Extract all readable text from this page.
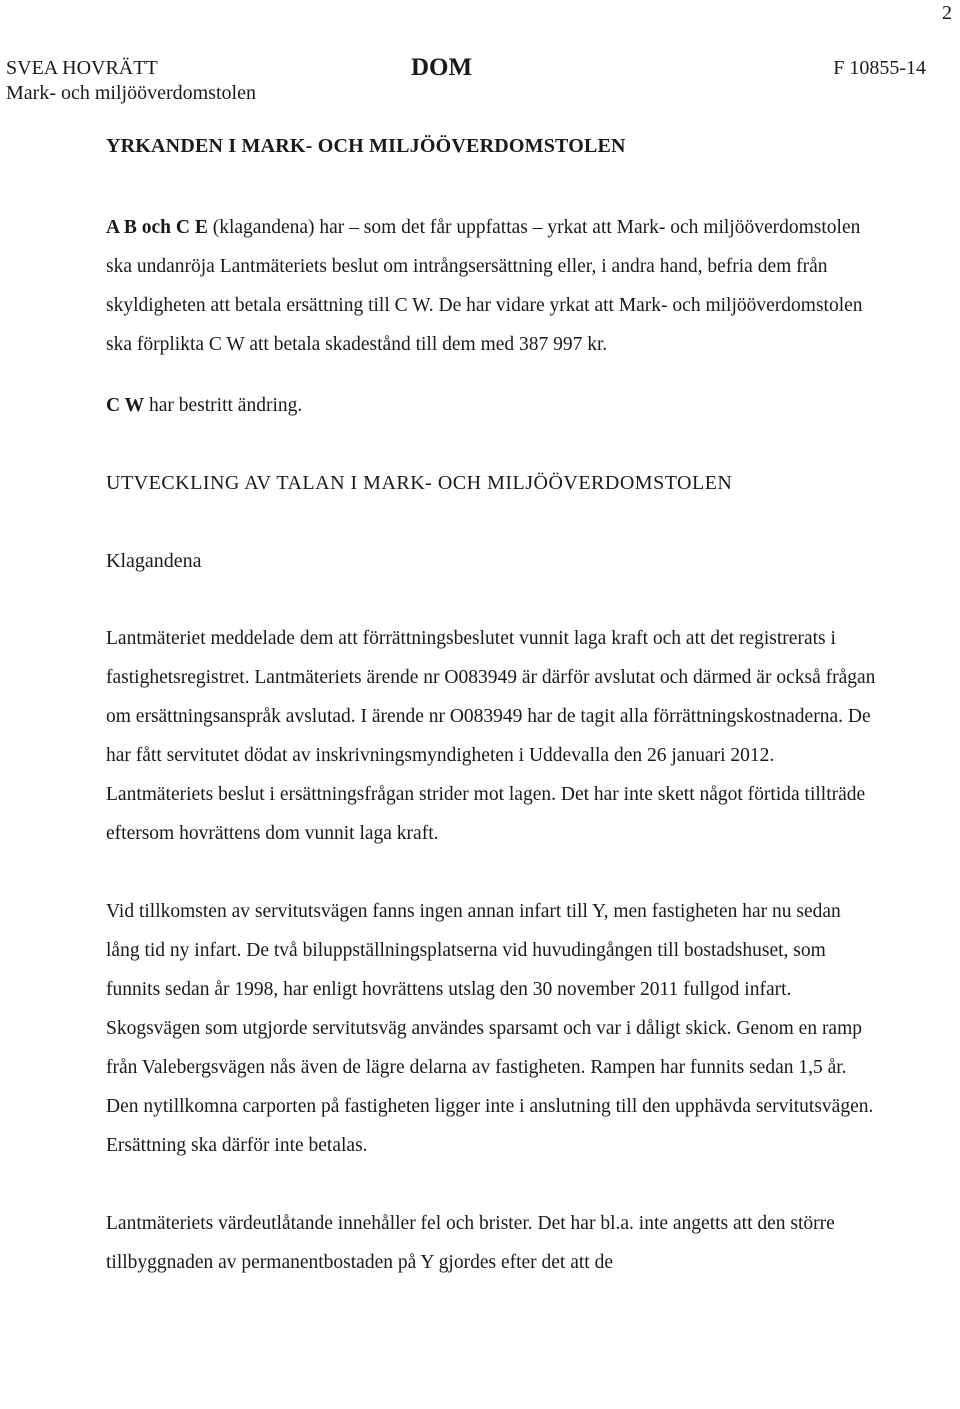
2
SVEA HOVRÄTT
Mark- och miljööverdomstolen
DOM	F 10855-14
YRKANDEN I MARK- OCH MILJÖÖVERDOMSTOLEN

A B och C E (klagandena) har – som det får uppfattas – yrkat att Mark- och miljööverdomstolen ska undanröja Lantmäteriets beslut om intrångsersättning eller, i andra hand, befria dem från skyldigheten att betala ersättning till C W. De har vidare yrkat att Mark- och miljööverdomstolen ska förplikta C W att betala skadestånd till dem med 387 997 kr.

C W har bestritt ändring.

UTVECKLING AV TALAN I MARK- OCH MILJÖÖVERDOMSTOLEN
Klagandena

Lantmäteriet meddelade dem att förrättningsbeslutet vunnit laga kraft och att det registrerats i fastighetsregistret. Lantmäteriets ärende nr O083949 är därför avslutat och därmed är också frågan om ersättningsanspråk avslutad. I ärende nr O083949 har de tagit alla förrättningskostnaderna. De har fått servitutet dödat av inskrivningsmyndigheten i Uddevalla den 26 januari 2012. Lantmäteriets beslut i ersättningsfrågan strider mot lagen. Det har inte skett något förtida tillträde eftersom hovrättens dom vunnit laga kraft.

Vid tillkomsten av servitutsvägen fanns ingen annan infart till Y, men fastigheten har nu sedan lång tid ny infart. De två biluppställningsplatserna vid huvudingången till bostadshuset, som funnits sedan år 1998, har enligt hovrättens utslag den 30 november 2011 fullgod infart. Skogsvägen som utgjorde servitutsväg användes sparsamt och var i dåligt skick. Genom en ramp från Valebergsvägen nås även de lägre delarna av fastigheten. Rampen har funnits sedan 1,5 år. Den nytillkomna carporten på fastigheten ligger inte i anslutning till den upphävda servitutsvägen. Ersättning ska därför inte betalas.

Lantmäteriets värdeutlåtande innehåller fel och brister. Det har bl.a. inte angetts att den större tillbyggnaden av permanentbostaden på Y gjordes efter det att de
